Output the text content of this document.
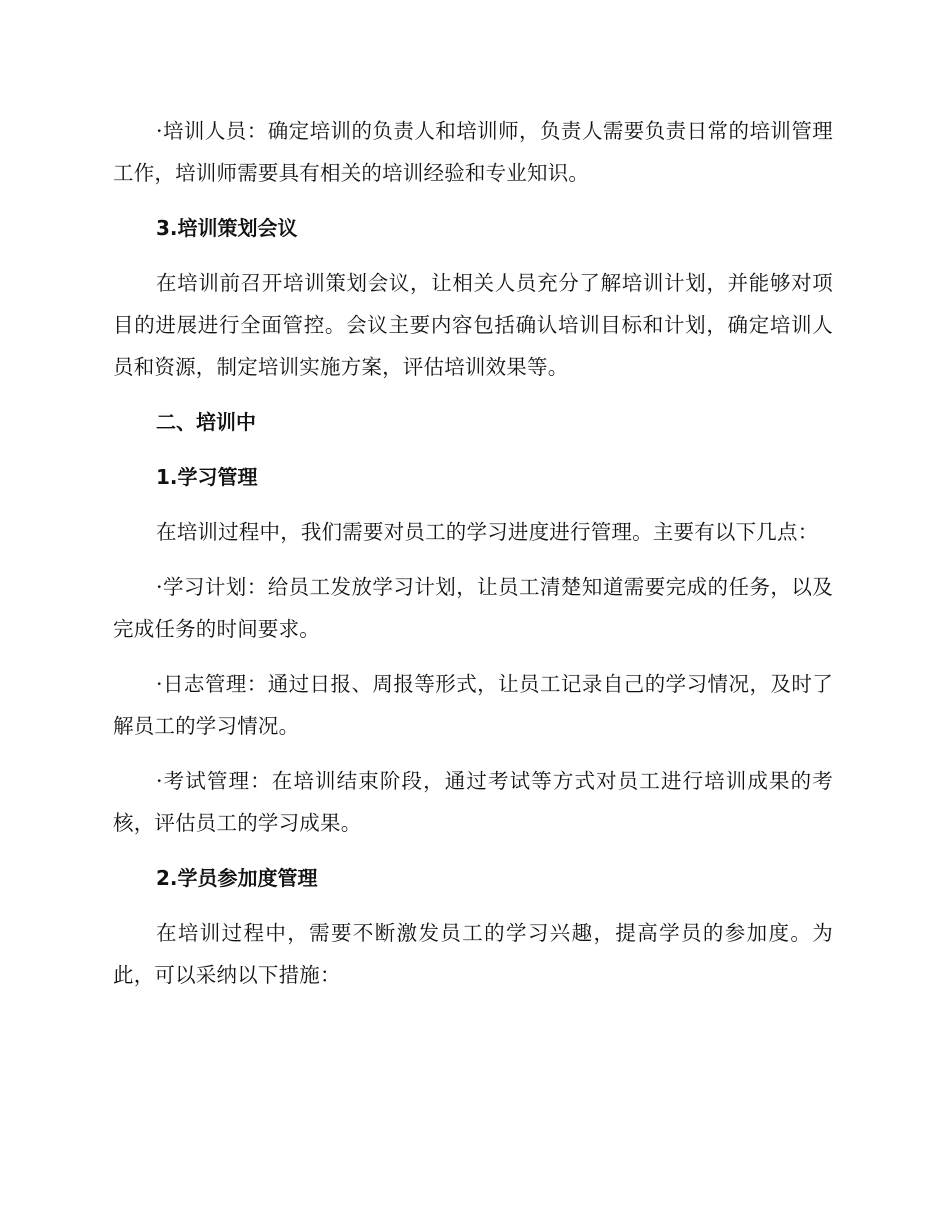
·培训人员：确定培训的负责人和培训师，负责人需要负责日常的培训管理工作，培训师需要具有相关的培训经验和专业知识。

3.培训策划会议

在培训前召开培训策划会议，让相关人员充分了解培训计划，并能够对项目的进展进行全面管控。会议主要内容包括确认培训目标和计划，确定培训人员和资源，制定培训实施方案，评估培训效果等。

二、培训中

1.学习管理

在培训过程中，我们需要对员工的学习进度进行管理。主要有以下几点：

·学习计划：给员工发放学习计划，让员工清楚知道需要完成的任务，以及完成任务的时间要求。

·日志管理：通过日报、周报等形式，让员工记录自己的学习情况，及时了解员工的学习情况。

·考试管理：在培训结束阶段，通过考试等方式对员工进行培训成果的考核，评估员工的学习成果。

2.学员参加度管理

在培训过程中，需要不断激发员工的学习兴趣，提高学员的参加度。为此，可以采纳以下措施：
